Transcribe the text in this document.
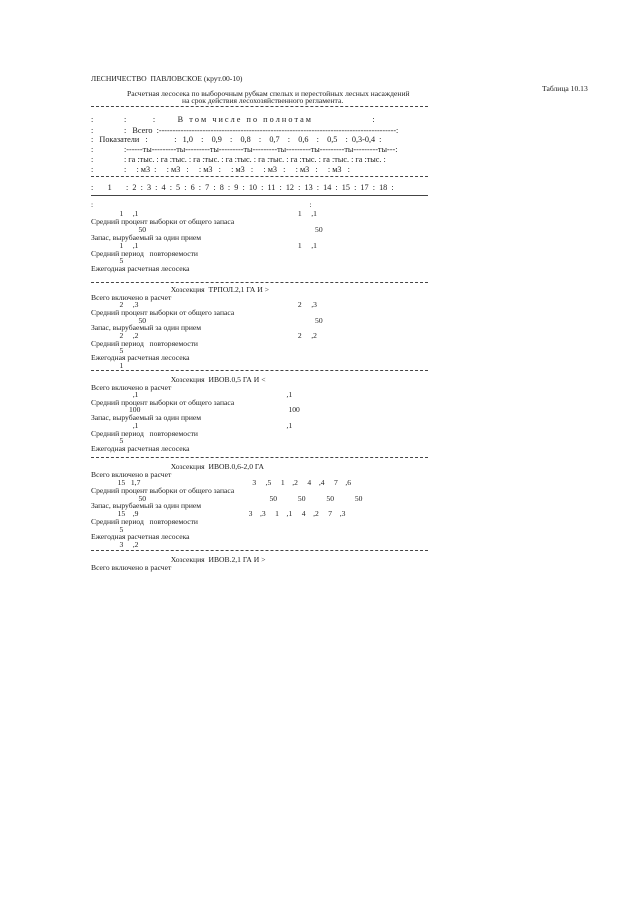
ЛЕСНИЧЕСТВО  ПАВЛОВСКОЕ (крут.00-10)
Таблица 10.13
Расчетная лесосека по выборочным рубкам спелых и перестойных лесных насаждений
на срок действия лесохозяйственного регламента.
:               :             :           В   т о м   ч и с л е   п о   п о л н о т а м                              :
:               :   Всего  :---------------------------------------------------------------------------------------:
:   Показатели   :             :   1,0    :    0,9    :    0,8    :    0,7    :    0,6    :    0,5    :  0,3-0,4  :
:               :------ты---------ты---------ты---------ты---------ты---------ты---------ты---------ты---:
:               : га :тыс. : га :тыс. : га :тыс. : га :тыс. : га :тыс. : га :тыс. : га :тыс. : га :тыс. :
:               :     : м3  :     : м3   :     : м3   :     : м3   :     : м3   :     : м3   :     : м3   :
:       1       :  2  :  3  :  4  :  5  :  6  :  7  :  8  :  9  :  10  :  11  :  12  :  13  :  14  :  15  :  17  :  18  :
:                                                                                                                  :
1     ,1                                                                                    1     ,1
Средний процент выборки от общего запаса
50                                                                                         50
Запас, вырубаемый за один прием
1     ,1                                                                                    1     ,1
Средний период   повторяемости
5
Ежегодная расчетная лесосека
Хозсекция  ТРПОЛ.2,1 ГА И >
Всего включено в расчет
2     ,3                                                                                    2     ,3
Средний процент выборки от общего запаса
50                                                                                         50
Запас, вырубаемый за один прием
2     ,2                                                                                    2     ,2
Средний период   повторяемости
5
Ежегодная расчетная лесосека
1
Хозсекция  ИВОВ.0,5 ГА И <
Всего включено в расчет
,1                                                                              ,1
Средний процент выборки от общего запаса
100                                                                              100
Запас, вырубаемый за один прием
,1                                                                              ,1
Средний период   повторяемости
5
Ежегодная расчетная лесосека
Хозсекция  ИВОВ.0,6-2,0 ГА
Всего включено в расчет
15   1,7                                                           3     ,5     1    ,2     4    ,4     7    ,6
Средний процент выборки от общего запаса
50                                                                 50           50           50           50
Запас, вырубаемый за один прием
15    ,9                                                          3    ,3     1    ,1     4    ,2     7    ,3
Средний период   повторяемости
5
Ежегодная расчетная лесосека
3     ,2
Хозсекция  ИВОВ.2,1 ГА И >
Всего включено в расчет
